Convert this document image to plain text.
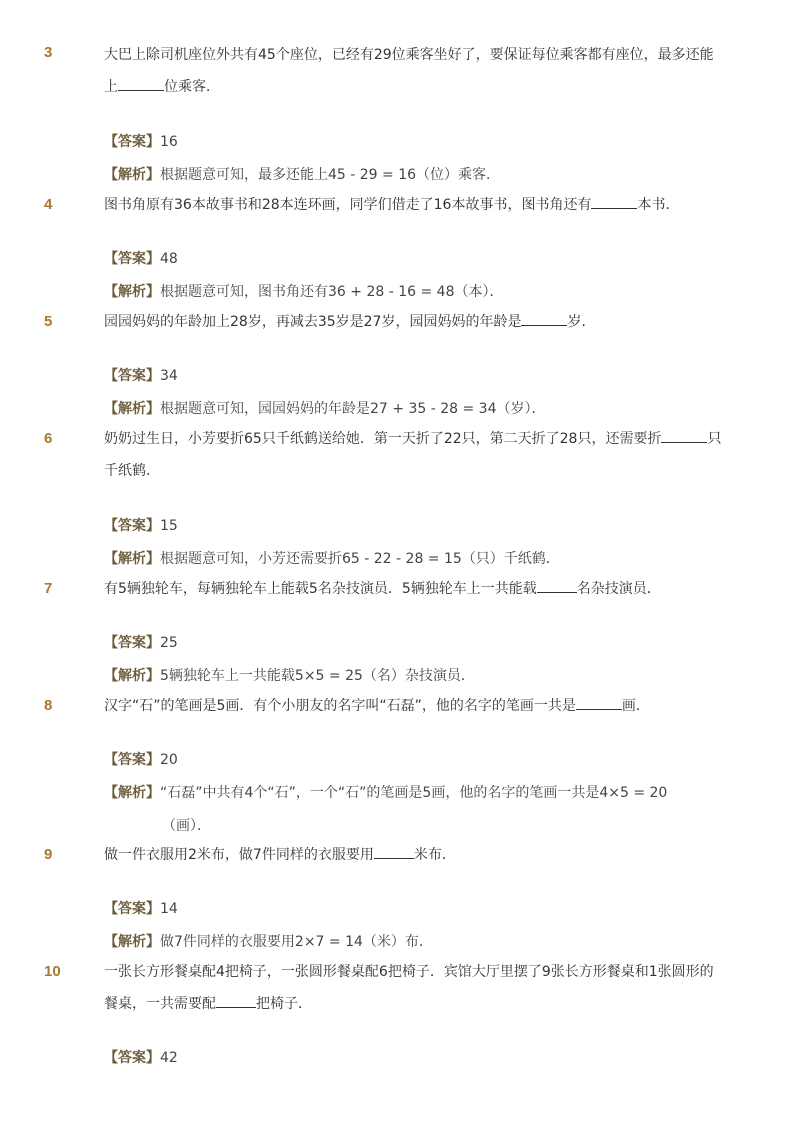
3	大巴上除司机座位外共有45个座位，已经有29位乘客坐好了，要保证每位乘客都有座位，最多还能上	位乘客．
【答案】16
【解析】根据题意可知，最多还能上45 - 29 = 16（位）乘客．
4	图书角原有36本故事书和28本连环画，同学们借走了16本故事书，图书角还有	本书．
【答案】48
【解析】根据题意可知，图书角还有36 + 28 - 16 = 48（本）．
5	园园妈妈的年龄加上28岁，再减去35岁是27岁，园园妈妈的年龄是	岁．
【答案】34
【解析】根据题意可知，园园妈妈的年龄是27 + 35 - 28 = 34（岁）．
6	奶奶过生日，小芳要折65只千纸鹤送给她．第一天折了22只，第二天折了28只，还需要折	只千纸鹤．
【答案】15
【解析】根据题意可知，小芳还需要折65 - 22 - 28 = 15（只）千纸鹤．
7	有5辆独轮车，每辆独轮车上能载5名杂技演员．5辆独轮车上一共能载	名杂技演员．
【答案】25
【解析】5辆独轮车上一共能载5×5 = 25（名）杂技演员．
8	汉字“石”的笔画是5画．有个小朋友的名字叫“石磊”，他的名字的笔画一共是	画．
【答案】20
【解析】“石磊”中共有4个“石”，一个“石”的笔画是5画，他的名字的笔画一共是4×5 = 20
（画）．
9	做一件衣服用2米布，做7件同样的衣服要用	米布．
【答案】14
【解析】做7件同样的衣服要用2×7 = 14（米）布．
10	一张长方形餐桌配4把椅子，一张圆形餐桌配6把椅子．宾馆大厅里摆了9张长方形餐桌和1张圆形的餐桌，一共需要配	把椅子．
【答案】42
